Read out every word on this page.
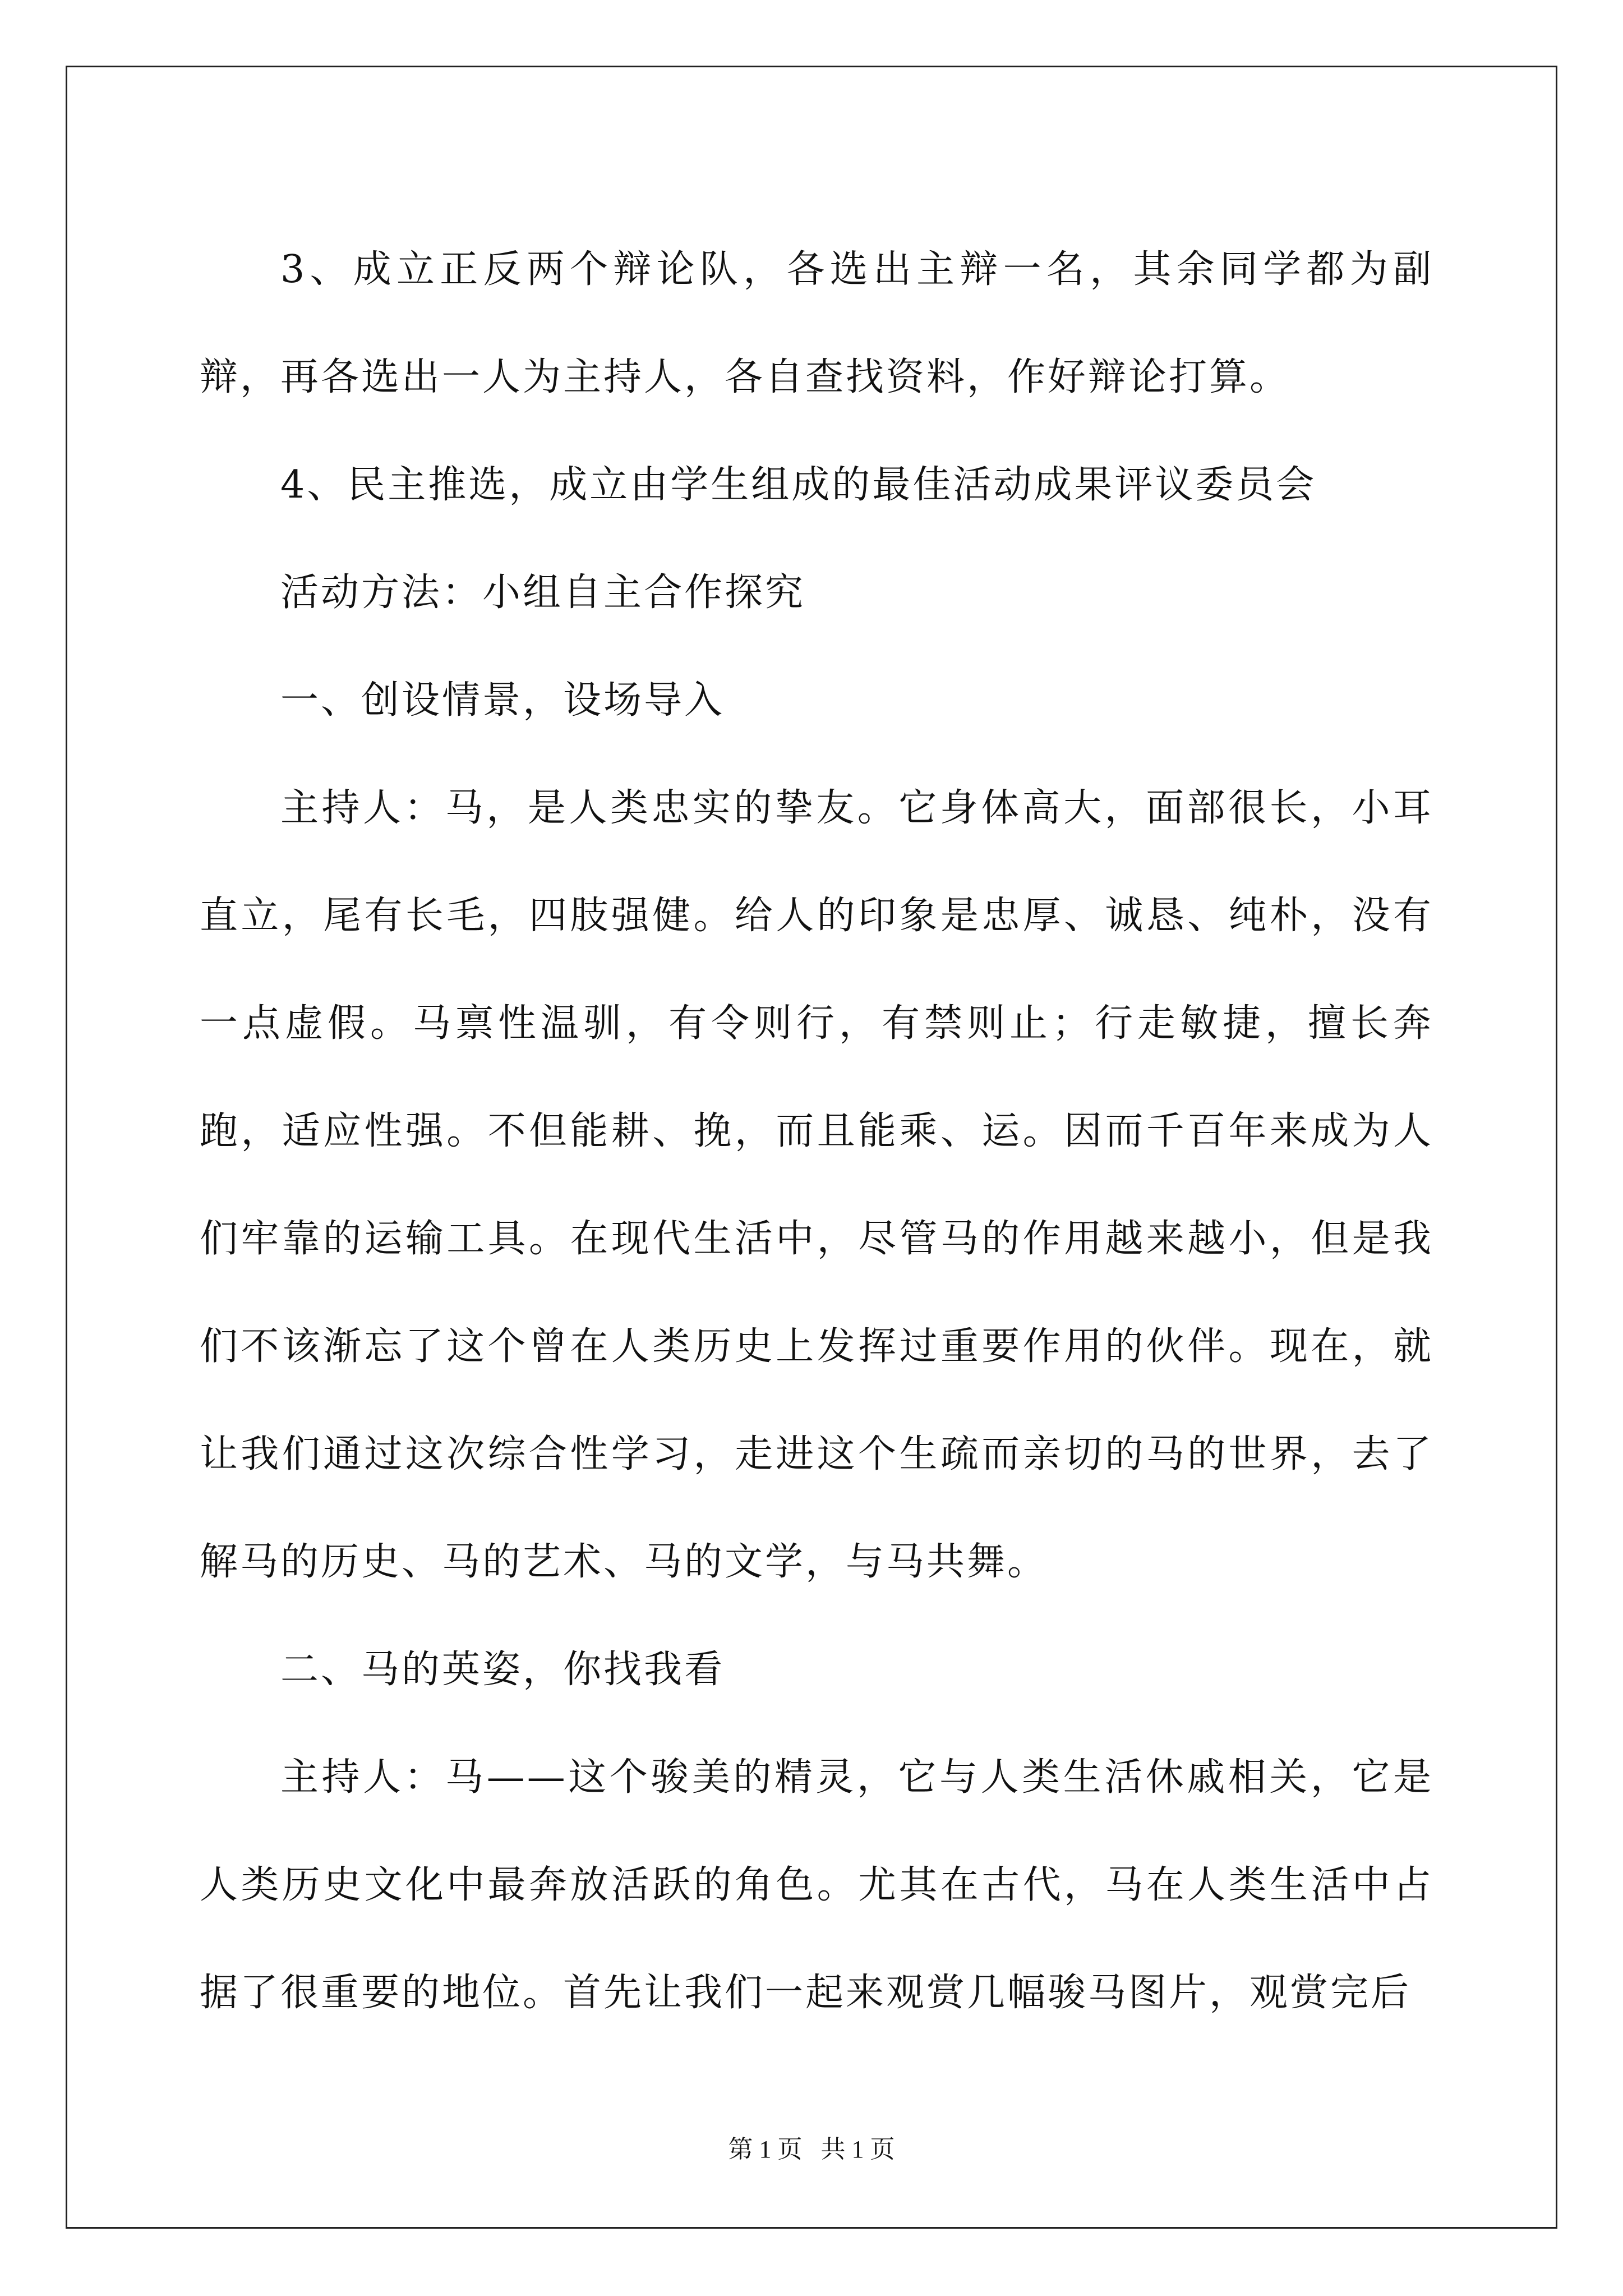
3、成立正反两个辩论队，各选出主辩一名，其余同学都为副辩，再各选出一人为主持人，各自查找资料，作好辩论打算。

4、民主推选，成立由学生组成的最佳活动成果评议委员会

活动方法：小组自主合作探究

一、创设情景，设场导入

主持人：马，是人类忠实的挚友。它身体高大，面部很长，小耳直立，尾有长毛，四肢强健。给人的印象是忠厚、诚恳、纯朴，没有一点虚假。马禀性温驯，有令则行，有禁则止；行走敏捷，擅长奔跑，适应性强。不但能耕、挽，而且能乘、运。因而千百年来成为人们牢靠的运输工具。在现代生活中，尽管马的作用越来越小，但是我们不该渐忘了这个曾在人类历史上发挥过重要作用的伙伴。现在，就让我们通过这次综合性学习，走进这个生疏而亲切的马的世界，去了解马的历史、马的艺术、马的文学，与马共舞。

二、马的英姿，你找我看

主持人：马——这个骏美的精灵，它与人类生活休戚相关，它是人类历史文化中最奔放活跃的角色。尤其在古代，马在人类生活中占据了很重要的地位。首先让我们一起来观赏几幅骏马图片，观赏完后

第 1 页   共 1 页
